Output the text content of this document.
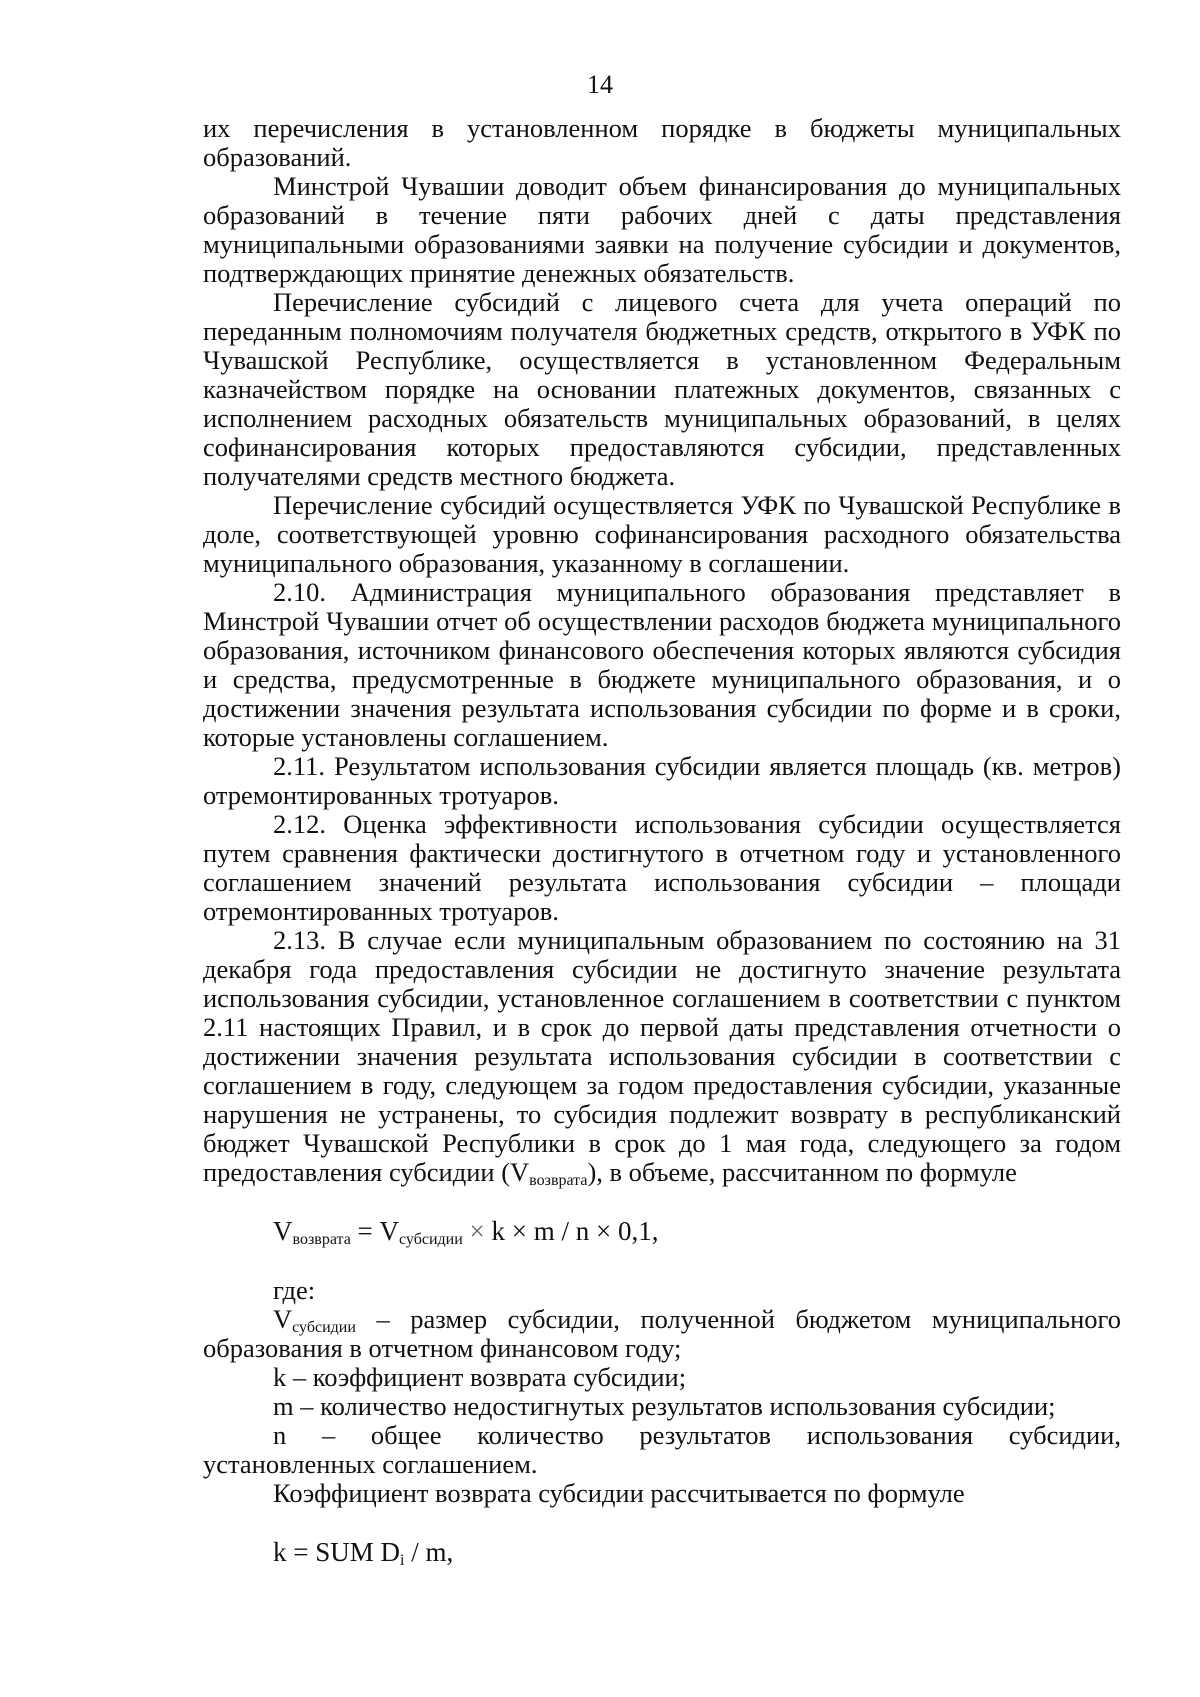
14

их перечисления в установленном порядке в бюджеты муниципальных образований.

Минстрой Чувашии доводит объем финансирования до муниципальных образований в течение пяти рабочих дней с даты представления муниципальными образованиями заявки на получение субсидии и документов, подтверждающих принятие денежных обязательств.

Перечисление субсидий с лицевого счета для учета операций по переданным полномочиям получателя бюджетных средств, открытого в УФК по Чувашской Республике, осуществляется в установленном Федеральным казначейством порядке на основании платежных документов, связанных с исполнением расходных обязательств муниципальных образований, в целях софинансирования которых предоставляются субсидии, представленных получателями средств местного бюджета.

Перечисление субсидий осуществляется УФК по Чувашской Республике в доле, соответствующей уровню софинансирования расходного обязательства муниципального образования, указанному в соглашении.

2.10. Администрация муниципального образования представляет в Минстрой Чувашии отчет об осуществлении расходов бюджета муниципального образования, источником финансового обеспечения которых являются субсидия и средства, предусмотренные в бюджете муниципального образования, и о достижении значения результата использования субсидии по форме и в сроки, которые установлены соглашением.

2.11. Результатом использования субсидии является площадь (кв. метров) отремонтированных тротуаров.

2.12. Оценка эффективности использования субсидии осуществляется путем сравнения фактически достигнутого в отчетном году и установленного соглашением значений результата использования субсидии – площади отремонтированных тротуаров.

2.13. В случае если муниципальным образованием по состоянию на 31 декабря года предоставления субсидии не достигнуто значение результата использования субсидии, установленное соглашением в соответствии с пунктом 2.11 настоящих Правил, и в срок до первой даты представления отчетности о достижении значения результата использования субсидии в соответствии с соглашением в году, следующем за годом предоставления субсидии, указанные нарушения не устранены, то субсидия подлежит возврату в республиканский бюджет Чувашской Республики в срок до 1 мая года, следующего за годом предоставления субсидии $(V_{возврата})$, в объеме, рассчитанном по формуле

$V_{возврата} = V_{субсидии} \times k \times m / n \times 0,1$,

где:

$V_{субсидии}$ – размер субсидии, полученной бюджетом муниципального образования в отчетном финансовом году;

k – коэффициент возврата субсидии;

m – количество недостигнутых результатов использования субсидии;

n – общее количество результатов использования субсидии, установленных соглашением.

Коэффициент возврата субсидии рассчитывается по формуле

k = SUM $D_i$ / m,
